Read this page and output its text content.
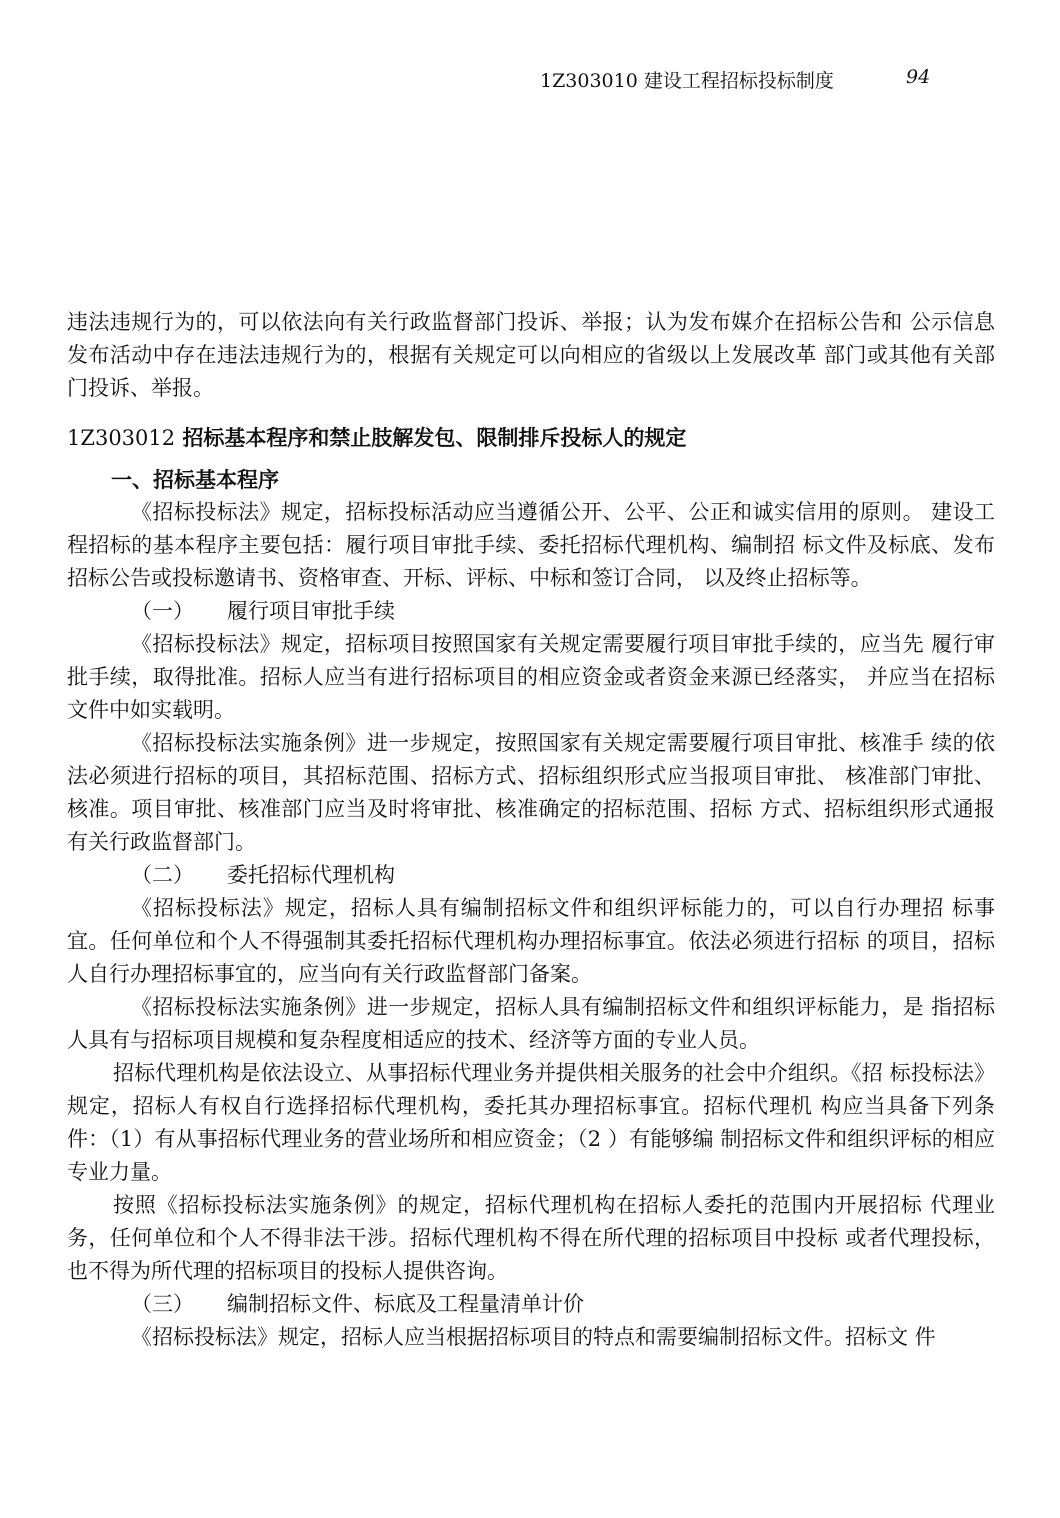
1Z303010 建设工程招标投标制度	94

违法违规行为的，可以依法向有关行政监督部门投诉、举报；认为发布媒介在招标公告和 公示信息发布活动中存在违法违规行为的，根据有关规定可以向相应的省级以上发展改革 部门或其他有关部门投诉、举报。

1Z303012 招标基本程序和禁止肢解发包、限制排斥投标人的规定
一、招标基本程序

《招标投标法》规定，招标投标活动应当遵循公开、公平、公正和诚实信用的原则。 建设工程招标的基本程序主要包括：履行项目审批手续、委托招标代理机构、编制招 标文件及标底、发布招标公告或投标邀请书、资格审查、开标、评标、中标和签订合同， 以及终止招标等。

（一） 履行项目审批手续

《招标投标法》规定，招标项目按照国家有关规定需要履行项目审批手续的，应当先 履行审批手续，取得批准。招标人应当有进行招标项目的相应资金或者资金来源已经落实， 并应当在招标文件中如实载明。

《招标投标法实施条例》进一步规定，按照国家有关规定需要履行项目审批、核准手 续的依法必须进行招标的项目，其招标范围、招标方式、招标组织形式应当报项目审批、 核准部门审批、核准。项目审批、核准部门应当及时将审批、核准确定的招标范围、招标 方式、招标组织形式通报有关行政监督部门。

（二） 委托招标代理机构

《招标投标法》规定，招标人具有编制招标文件和组织评标能力的，可以自行办理招 标事宜。任何单位和个人不得强制其委托招标代理机构办理招标事宜。依法必须进行招标 的项目，招标人自行办理招标事宜的，应当向有关行政监督部门备案。

《招标投标法实施条例》进一步规定，招标人具有编制招标文件和组织评标能力，是 指招标人具有与招标项目规模和复杂程度相适应的技术、经济等方面的专业人员。

招标代理机构是依法设立、从事招标代理业务并提供相关服务的社会中介组织。《招 标投标法》规定，招标人有权自行选择招标代理机构，委托其办理招标事宜。招标代理机 构应当具备下列条件：（1）有从事招标代理业务的营业场所和相应资金；（2 ）有能够编 制招标文件和组织评标的相应专业力量。

按照《招标投标法实施条例》的规定，招标代理机构在招标人委托的范围内开展招标 代理业务，任何单位和个人不得非法干涉。招标代理机构不得在所代理的招标项目中投标 或者代理投标，也不得为所代理的招标项目的投标人提供咨询。

（三） 编制招标文件、标底及工程量清单计价

《招标投标法》规定，招标人应当根据招标项目的特点和需要编制招标文件。招标文 件
